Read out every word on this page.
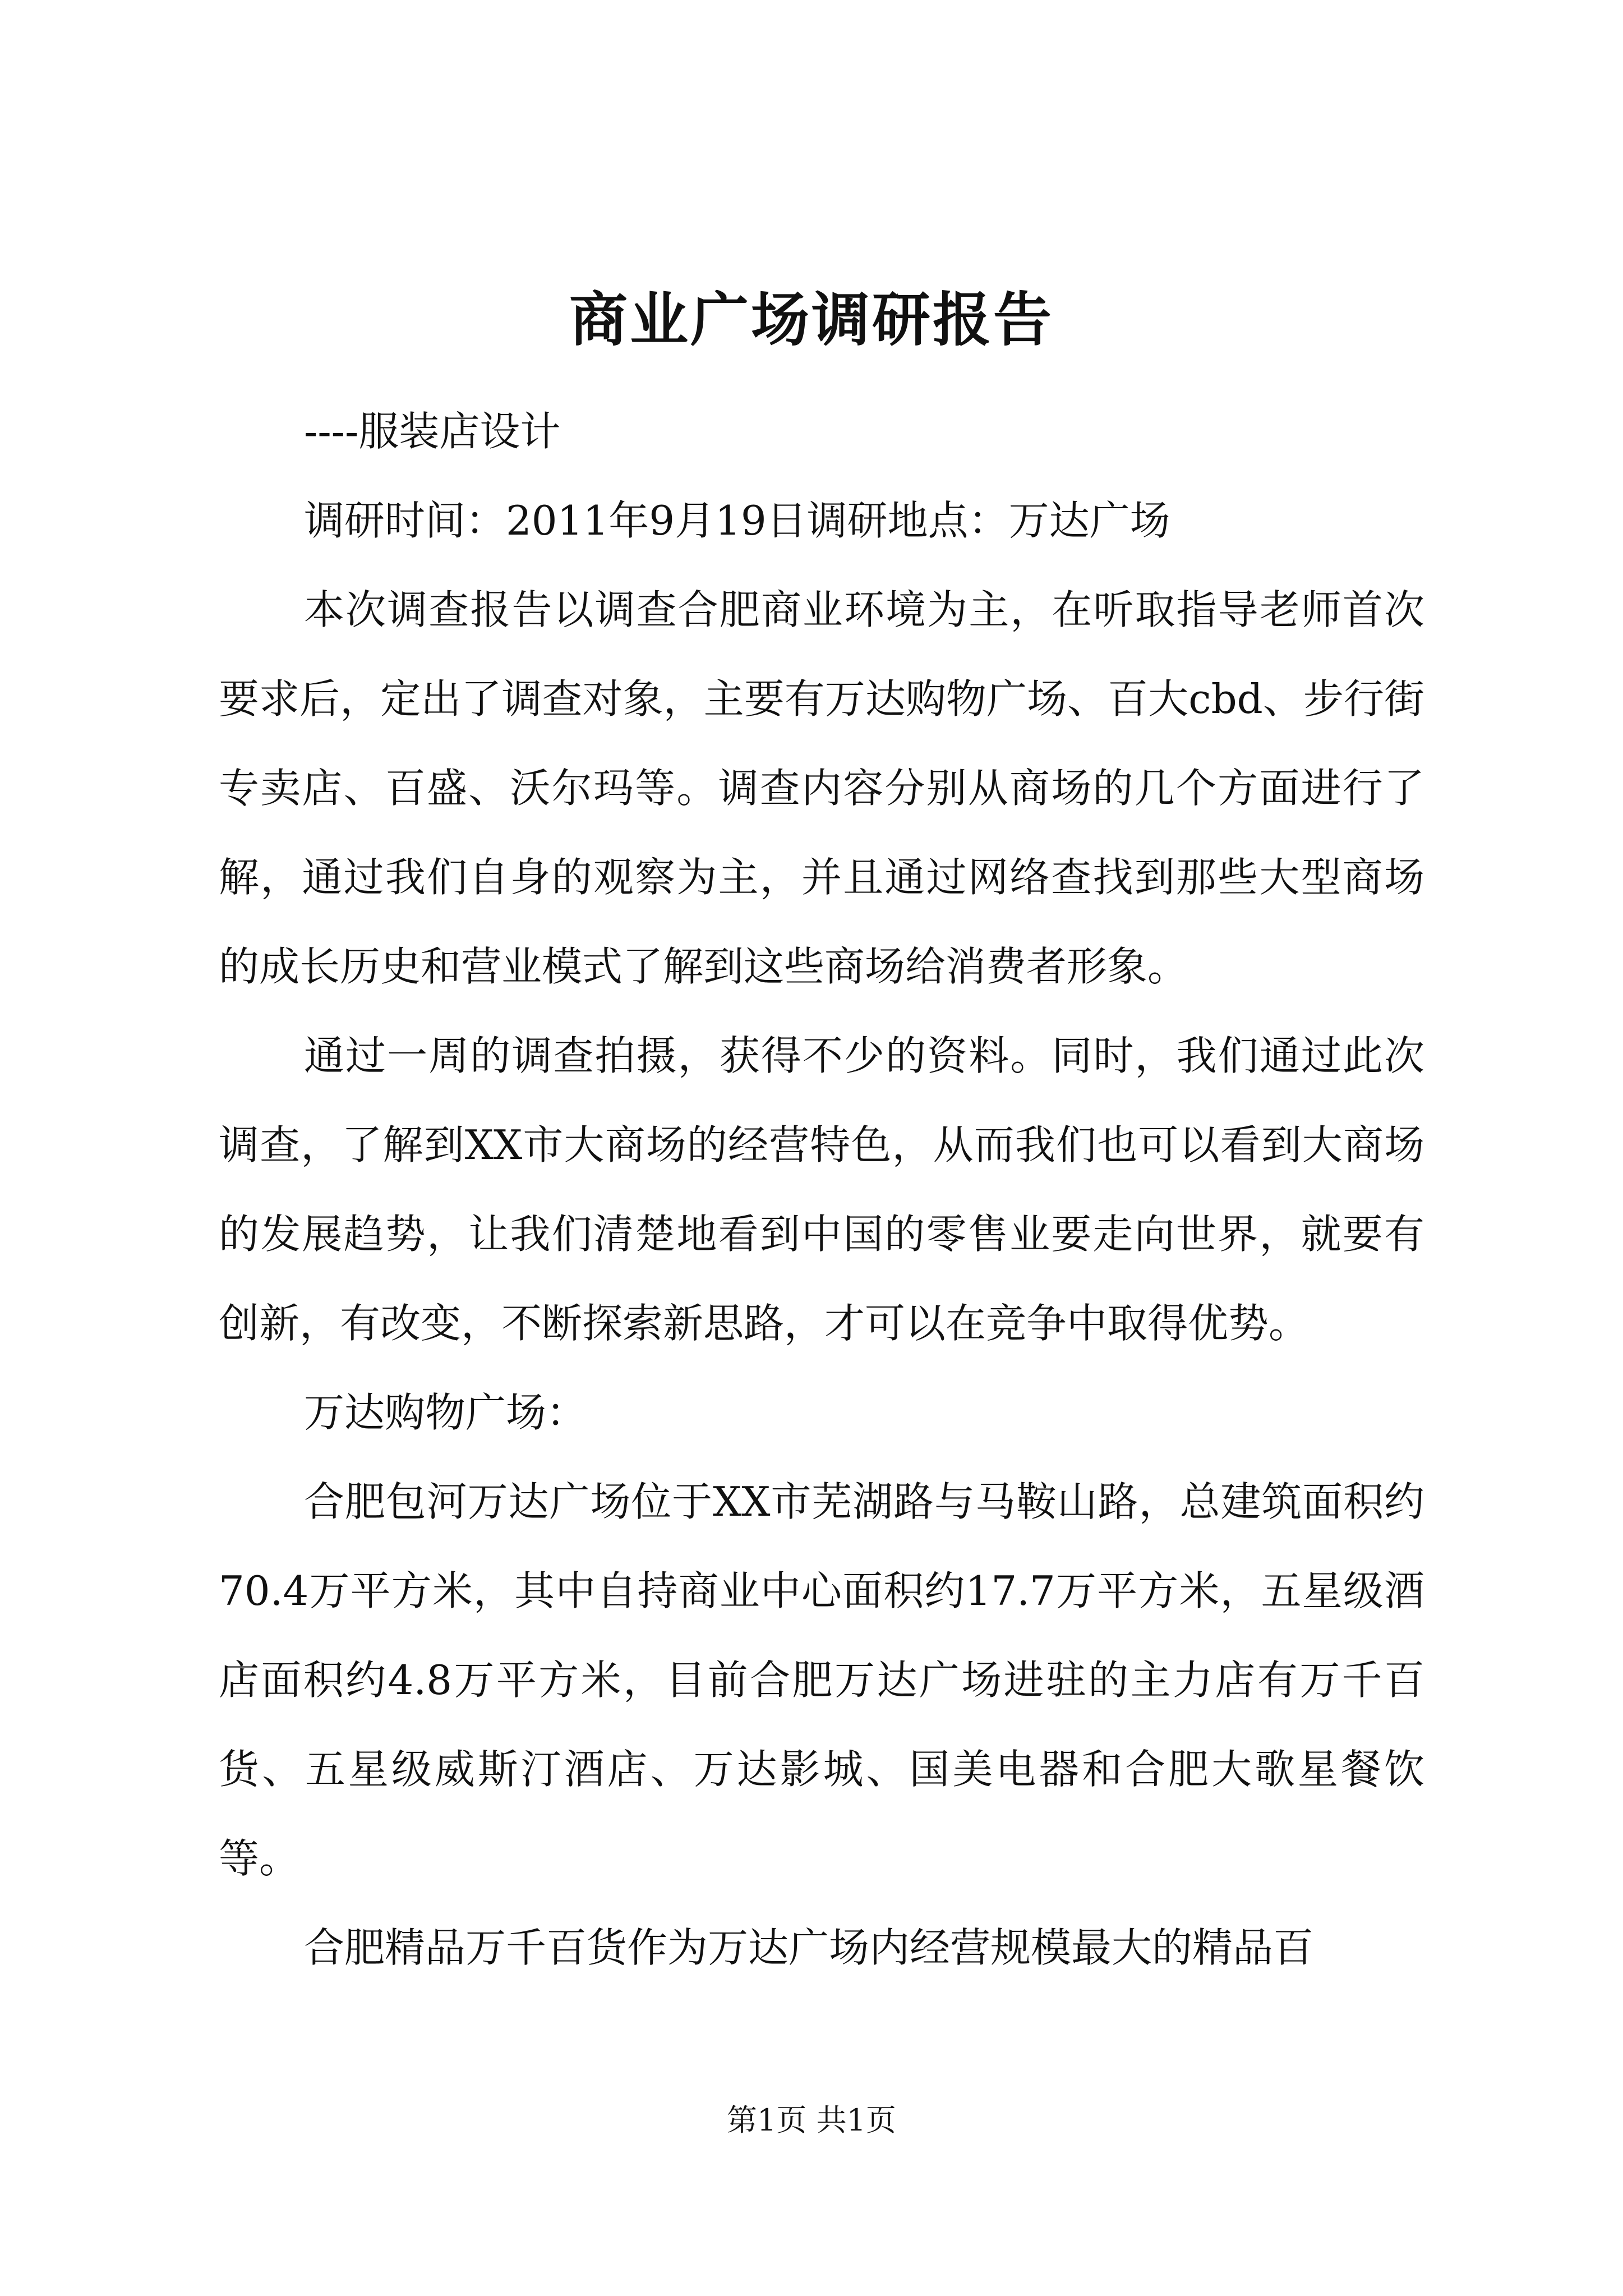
商业广场调研报告

----服装店设计

调研时间：2011年9月19日调研地点：万达广场

本次调查报告以调查合肥商业环境为主，在听取指导老师首次要求后，定出了调查对象，主要有万达购物广场、百大cbd、步行街专卖店、百盛、沃尔玛等。调查内容分别从商场的几个方面进行了解，通过我们自身的观察为主，并且通过网络查找到那些大型商场的成长历史和营业模式了解到这些商场给消费者形象。

通过一周的调查拍摄，获得不少的资料。同时，我们通过此次调查，了解到XX市大商场的经营特色，从而我们也可以看到大商场的发展趋势，让我们清楚地看到中国的零售业要走向世界，就要有创新，有改变，不断探索新思路，才可以在竞争中取得优势。

万达购物广场：

合肥包河万达广场位于XX市芜湖路与马鞍山路，总建筑面积约70.4万平方米，其中自持商业中心面积约17.7万平方米，五星级酒店面积约4.8万平方米，目前合肥万达广场进驻的主力店有万千百货、五星级威斯汀酒店、万达影城、国美电器和合肥大歌星餐饮等。

合肥精品万千百货作为万达广场内经营规模最大的精品百

第1页 共1页
